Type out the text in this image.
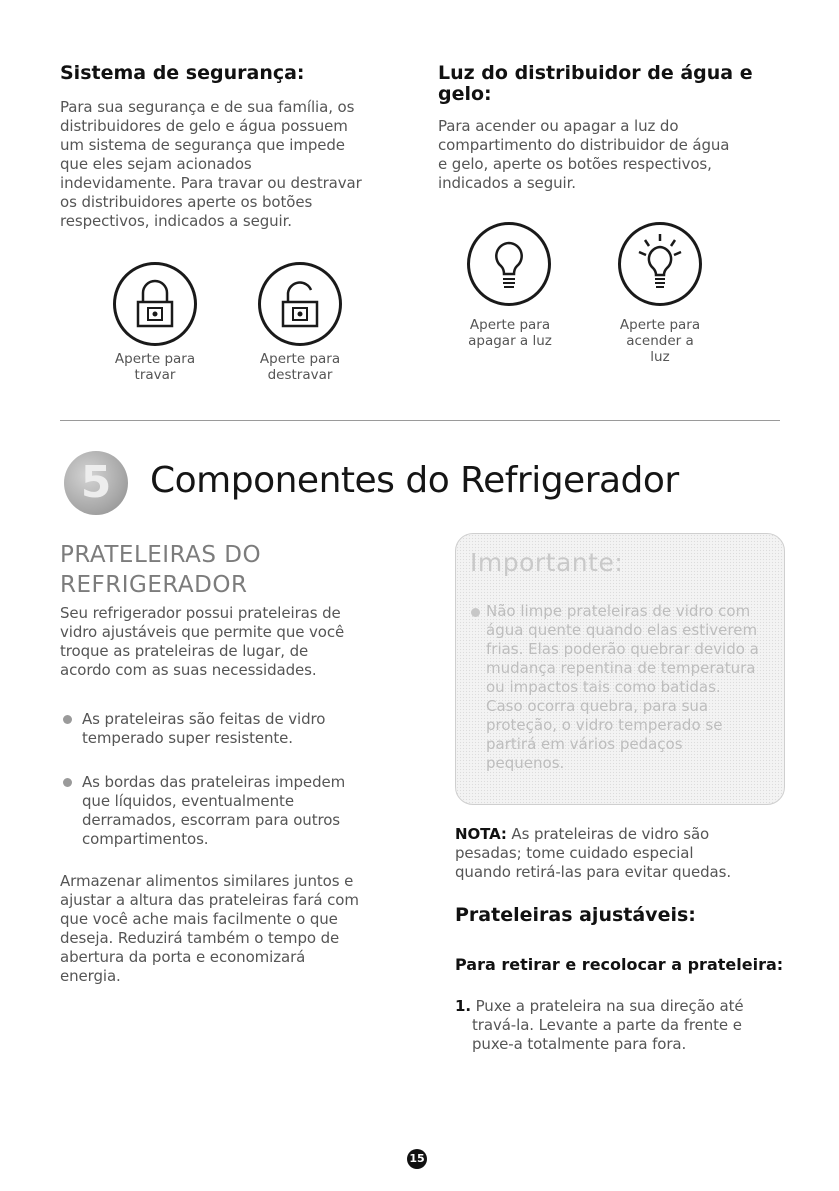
Sistema de segurança:

Para sua segurança e de sua família, os

distribuidores de gelo e água possuem

um sistema de segurança que impede

que eles sejam acionados

indevidamente. Para travar ou destravar

os distribuidores aperte os botões

respectivos, indicados a seguir.

Aperte para
travar
Aperte para
destravar
Luz do distribuidor de água e
gelo:

Para acender ou apagar a luz do

compartimento do distribuidor de água

e gelo, aperte os botões respectivos,

indicados a seguir.

Aperte para
apagar a luz
Aperte para
acender a
luz
5	Componentes do Refrigerador
PRATELEIRAS DO
REFRIGERADOR

Seu refrigerador possui prateleiras de

vidro ajustáveis que permite que você

troque as prateleiras de lugar, de

acordo com as suas necessidades.

As prateleiras são feitas de vidro

temperado super resistente.

As bordas das prateleiras impedem

que líquidos, eventualmente

derramados, escorram para outros

compartimentos.

Armazenar alimentos similares juntos e

ajustar a altura das prateleiras fará com

que você ache mais facilmente o que

deseja. Reduzirá também o tempo de

abertura da porta e economizará

energia.

Importante:
Não limpe prateleiras de vidro com
água quente quando elas estiverem
frias. Elas poderão quebrar devido a
mudança repentina de temperatura
ou impactos tais como batidas.
Caso ocorra quebra, para sua
proteção, o vidro temperado se
partirá em vários pedaços
pequenos.

NOTA: As prateleiras de vidro são

pesadas; tome cuidado especial

quando retirá-las para evitar quedas.

Prateleiras ajustáveis:
Para retirar e recolocar a prateleira:

1. Puxe a prateleira na sua direção até

travá-la. Levante a parte da frente e

puxe-a totalmente para fora.

15
